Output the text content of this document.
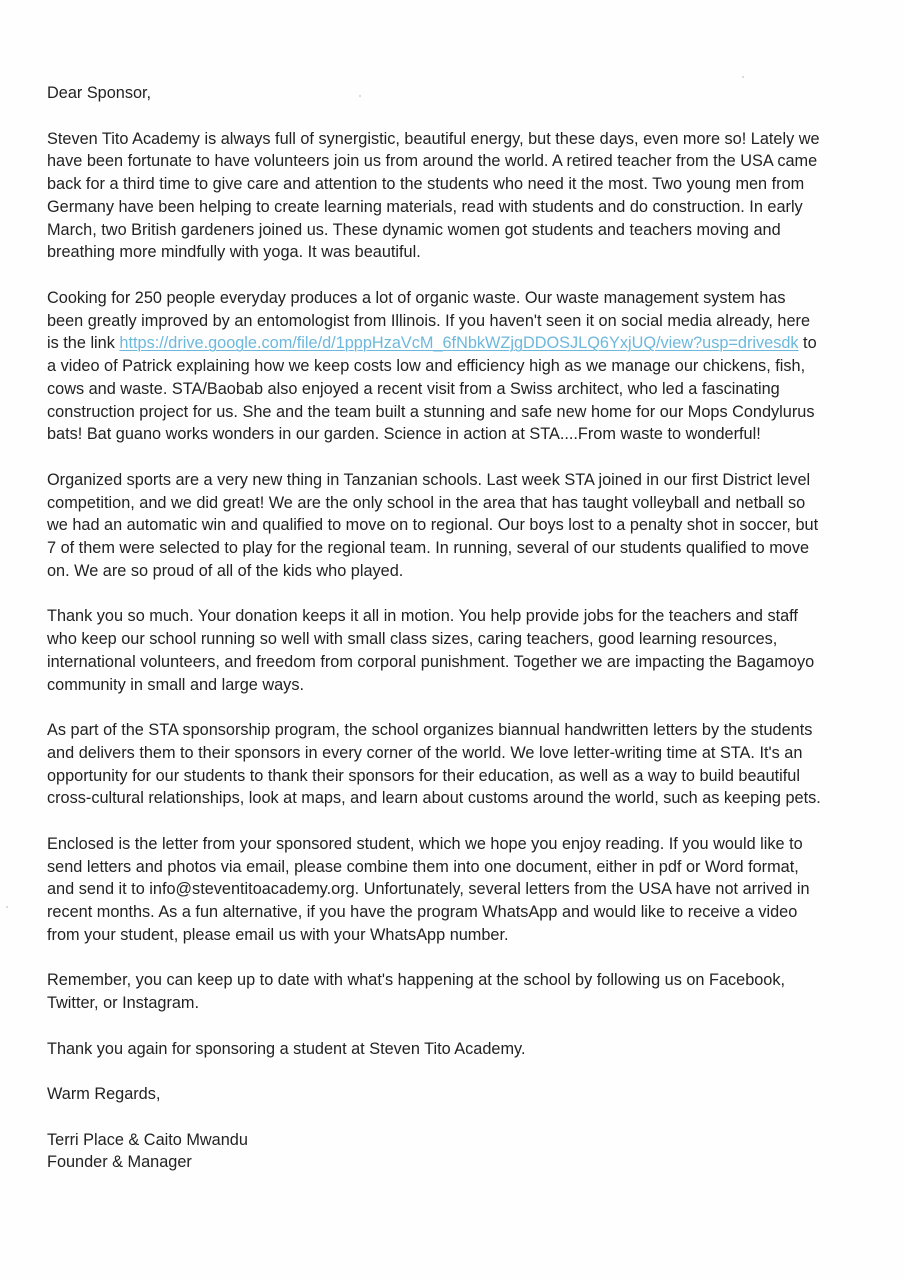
Dear Sponsor,

Steven Tito Academy is always full of synergistic, beautiful energy, but these days, even more so! Lately we have been fortunate to have volunteers join us from around the world. A retired teacher from the USA came back for a third time to give care and attention to the students who need it the most. Two young men from Germany have been helping to create learning materials, read with students and do construction. In early March, two British gardeners joined us. These dynamic women got students and teachers moving and breathing more mindfully with yoga. It was beautiful.

Cooking for 250 people everyday produces a lot of organic waste. Our waste management system has been greatly improved by an entomologist from Illinois. If you haven't seen it on social media already, here is the link https://drive.google.com/file/d/1pppHzaVcM_6fNbkWZjgDDOSJLQ6YxjUQ/view?usp=drivesdk to a video of Patrick explaining how we keep costs low and efficiency high as we manage our chickens, fish, cows and waste. STA/Baobab also enjoyed a recent visit from a Swiss architect, who led a fascinating construction project for us. She and the team built a stunning and safe new home for our Mops Condylurus bats! Bat guano works wonders in our garden. Science in action at STA....From waste to wonderful!

Organized sports are a very new thing in Tanzanian schools. Last week STA joined in our first District level competition, and we did great! We are the only school in the area that has taught volleyball and netball so we had an automatic win and qualified to move on to regional. Our boys lost to a penalty shot in soccer, but 7 of them were selected to play for the regional team. In running, several of our students qualified to move on. We are so proud of all of the kids who played.

Thank you so much. Your donation keeps it all in motion. You help provide jobs for the teachers and staff who keep our school running so well with small class sizes, caring teachers, good learning resources, international volunteers, and freedom from corporal punishment. Together we are impacting the Bagamoyo community in small and large ways.

As part of the STA sponsorship program, the school organizes biannual handwritten letters by the students and delivers them to their sponsors in every corner of the world. We love letter-writing time at STA. It's an opportunity for our students to thank their sponsors for their education, as well as a way to build beautiful cross-cultural relationships, look at maps, and learn about customs around the world, such as keeping pets.

Enclosed is the letter from your sponsored student, which we hope you enjoy reading. If you would like to send letters and photos via email, please combine them into one document, either in pdf or Word format, and send it to info@steventitoacademy.org. Unfortunately, several letters from the USA have not arrived in recent months. As a fun alternative, if you have the program WhatsApp and would like to receive a video from your student, please email us with your WhatsApp number.

Remember, you can keep up to date with what's happening at the school by following us on Facebook, Twitter, or Instagram.

Thank you again for sponsoring a student at Steven Tito Academy.

Warm Regards,

Terri Place & Caito Mwandu
Founder & Manager
